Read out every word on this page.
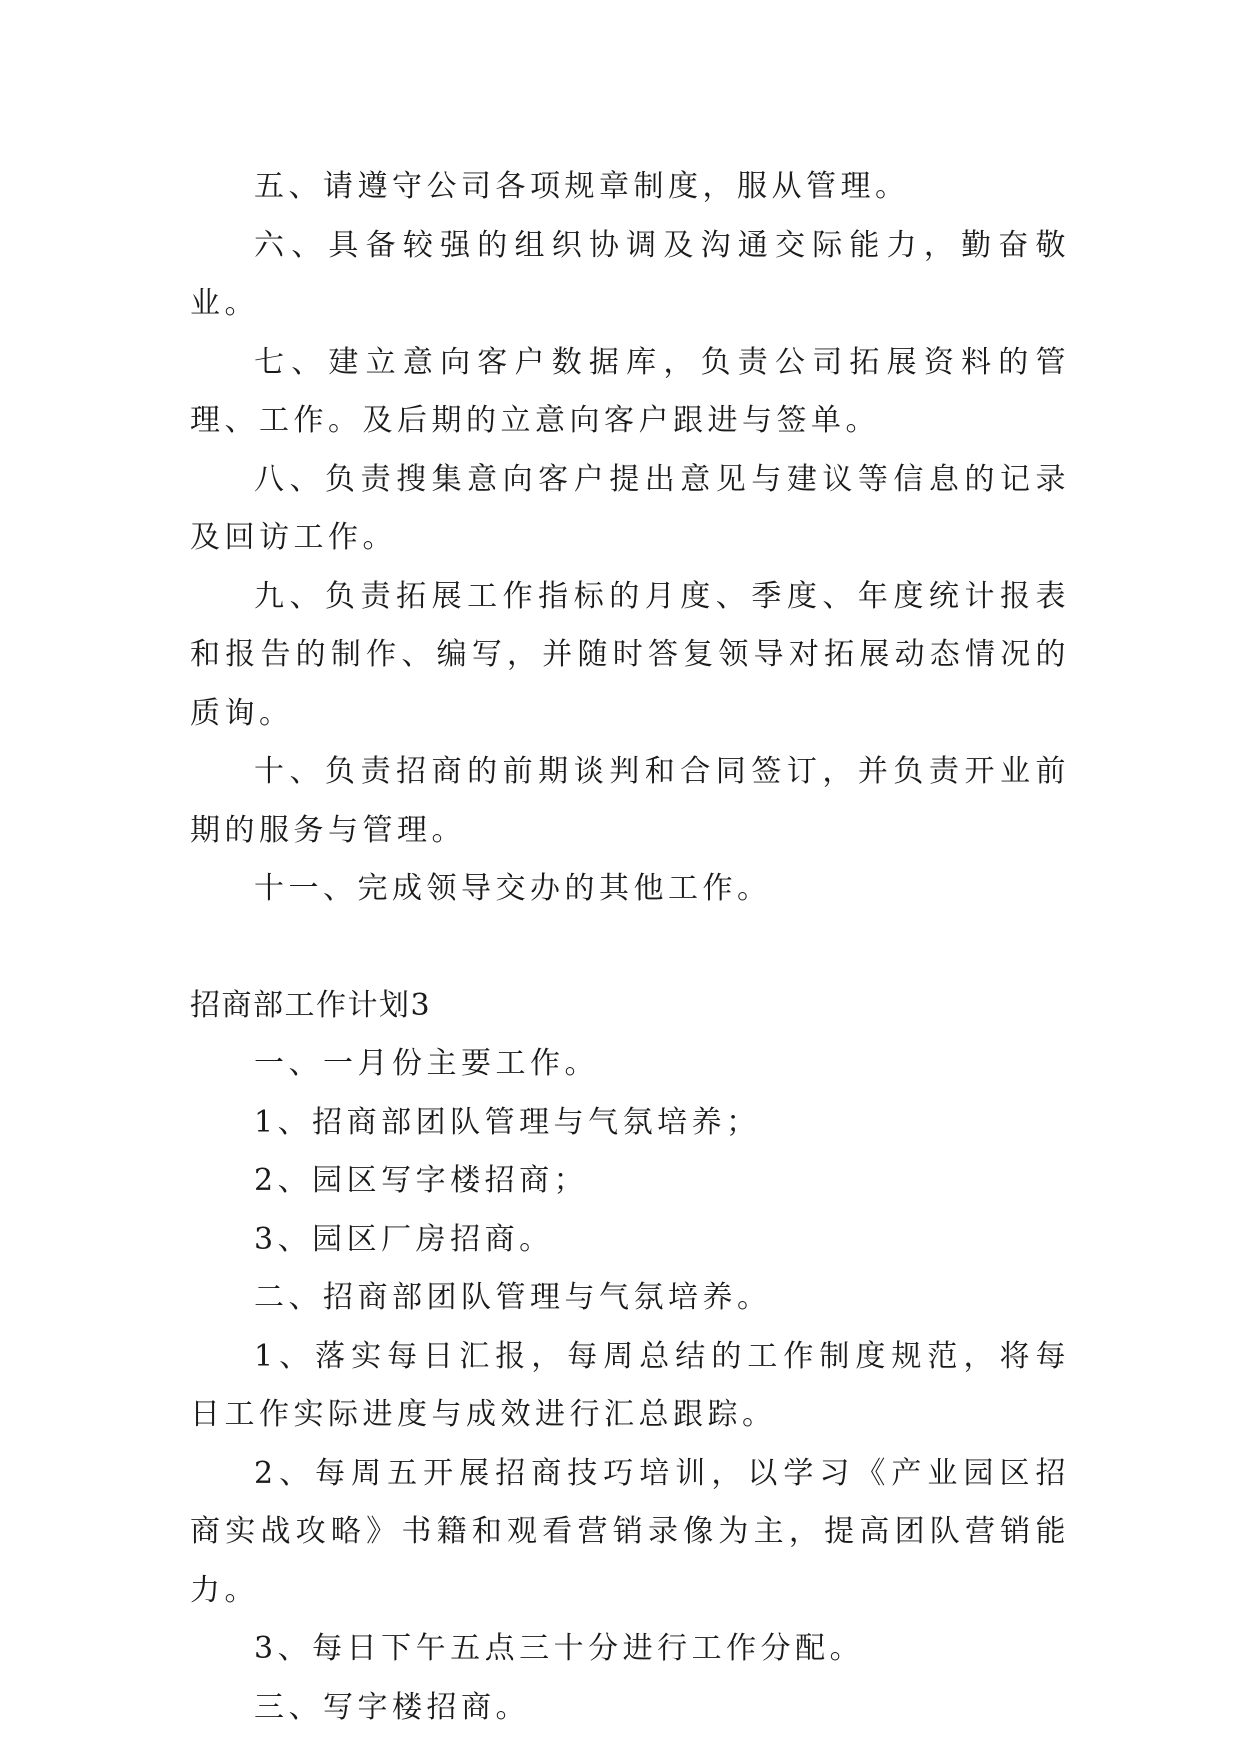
五、请遵守公司各项规章制度，服从管理。

六、具备较强的组织协调及沟通交际能力，勤奋敬业。

七、建立意向客户数据库，负责公司拓展资料的管理、工作。及后期的立意向客户跟进与签单。

八、负责搜集意向客户提出意见与建议等信息的记录及回访工作。

九、负责拓展工作指标的月度、季度、年度统计报表和报告的制作、编写，并随时答复领导对拓展动态情况的质询。

十、负责招商的前期谈判和合同签订，并负责开业前期的服务与管理。

十一、完成领导交办的其他工作。

招商部工作计划3

一、一月份主要工作。

1、招商部团队管理与气氛培养；

2、园区写字楼招商；

3、园区厂房招商。

二、招商部团队管理与气氛培养。

1、落实每日汇报，每周总结的工作制度规范，将每日工作实际进度与成效进行汇总跟踪。

2、每周五开展招商技巧培训，以学习《产业园区招商实战攻略》书籍和观看营销录像为主，提高团队营销能力。

3、每日下午五点三十分进行工作分配。

三、写字楼招商。
